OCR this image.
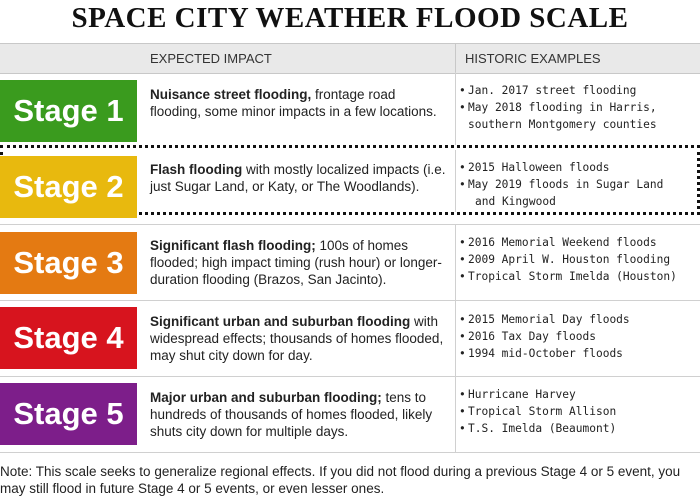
SPACE CITY WEATHER FLOOD SCALE
EXPECTED IMPACT	HISTORIC EXAMPLES
Stage 1 Nuisance street flooding, frontage road flooding, some minor impacts in a few locations.
• Jan. 2017 street flooding
• May 2018 flooding in Harris,
southern Montgomery counties
Stage 2 Flash flooding with mostly localized impacts (i.e. just Sugar Land, or Katy, or The Woodlands).
• 2015 Halloween floods
• May 2019 floods in Sugar Land
and Kingwood
Stage 3 Significant flash flooding; 100s of homes flooded; high impact timing (rush hour) or longer-duration flooding (Brazos, San Jacinto).
• 2016 Memorial Weekend floods
• 2009 April W. Houston flooding
• Tropical Storm Imelda (Houston)
Stage 4 Significant urban and suburban flooding with widespread effects; thousands of homes flooded, may shut city down for day.
• 2015 Memorial Day floods
• 2016 Tax Day floods
• 1994 mid-October floods
Stage 5 Major urban and suburban flooding; tens to hundreds of thousands of homes flooded, likely shuts city down for multiple days.
• Hurricane Harvey
• Tropical Storm Allison
• T.S. Imelda (Beaumont)
Note: This scale seeks to generalize regional effects. If you did not flood during a previous Stage 4 or 5 event, you may still flood in future Stage 4 or 5 events, or even lesser ones.
